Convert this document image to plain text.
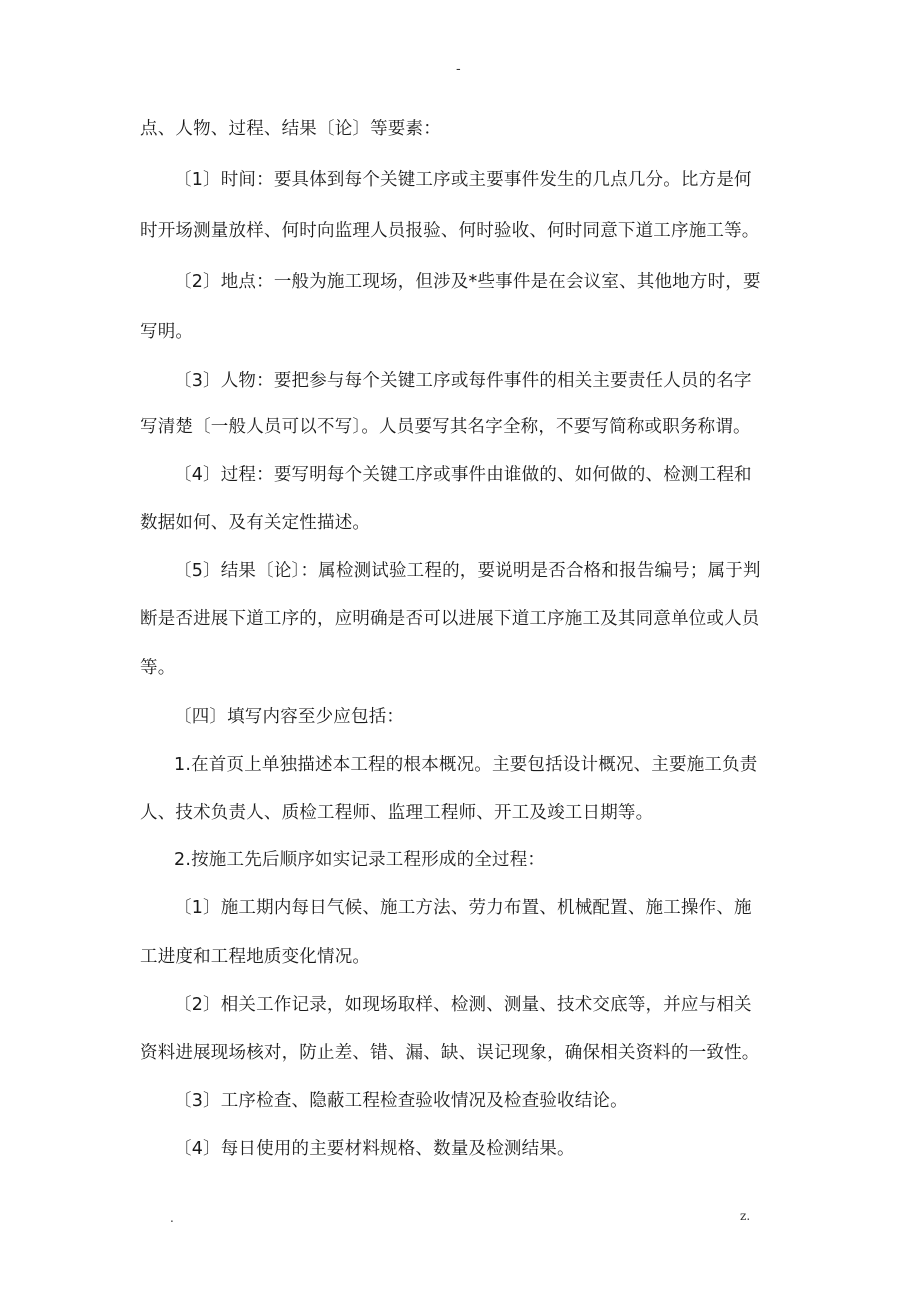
-
点、人物、过程、结果〔论〕等要素：
〔1〕时间：要具体到每个关键工序或主要事件发生的几点几分。比方是何
时开场测量放样、何时向监理人员报验、何时验收、何时同意下道工序施工等。
〔2〕地点：一般为施工现场，但涉及*些事件是在会议室、其他地方时，要
写明。
〔3〕人物：要把参与每个关键工序或每件事件的相关主要责任人员的名字
写清楚〔一般人员可以不写〕。人员要写其名字全称，不要写简称或职务称谓。
〔4〕过程：要写明每个关键工序或事件由谁做的、如何做的、检测工程和
数据如何、及有关定性描述。
〔5〕结果〔论〕：属检测试验工程的，要说明是否合格和报告编号；属于判
断是否进展下道工序的，应明确是否可以进展下道工序施工及其同意单位或人员
等。
〔四〕填写内容至少应包括：
1.在首页上单独描述本工程的根本概况。主要包括设计概况、主要施工负责
人、技术负责人、质检工程师、监理工程师、开工及竣工日期等。
2.按施工先后顺序如实记录工程形成的全过程：
〔1〕施工期内每日气候、施工方法、劳力布置、机械配置、施工操作、施
工进度和工程地质变化情况。
〔2〕相关工作记录，如现场取样、检测、测量、技术交底等，并应与相关
资料进展现场核对，防止差、错、漏、缺、误记现象，确保相关资料的一致性。
〔3〕工序检查、隐蔽工程检查验收情况及检查验收结论。
〔4〕每日使用的主要材料规格、数量及检测结果。
.	z.
